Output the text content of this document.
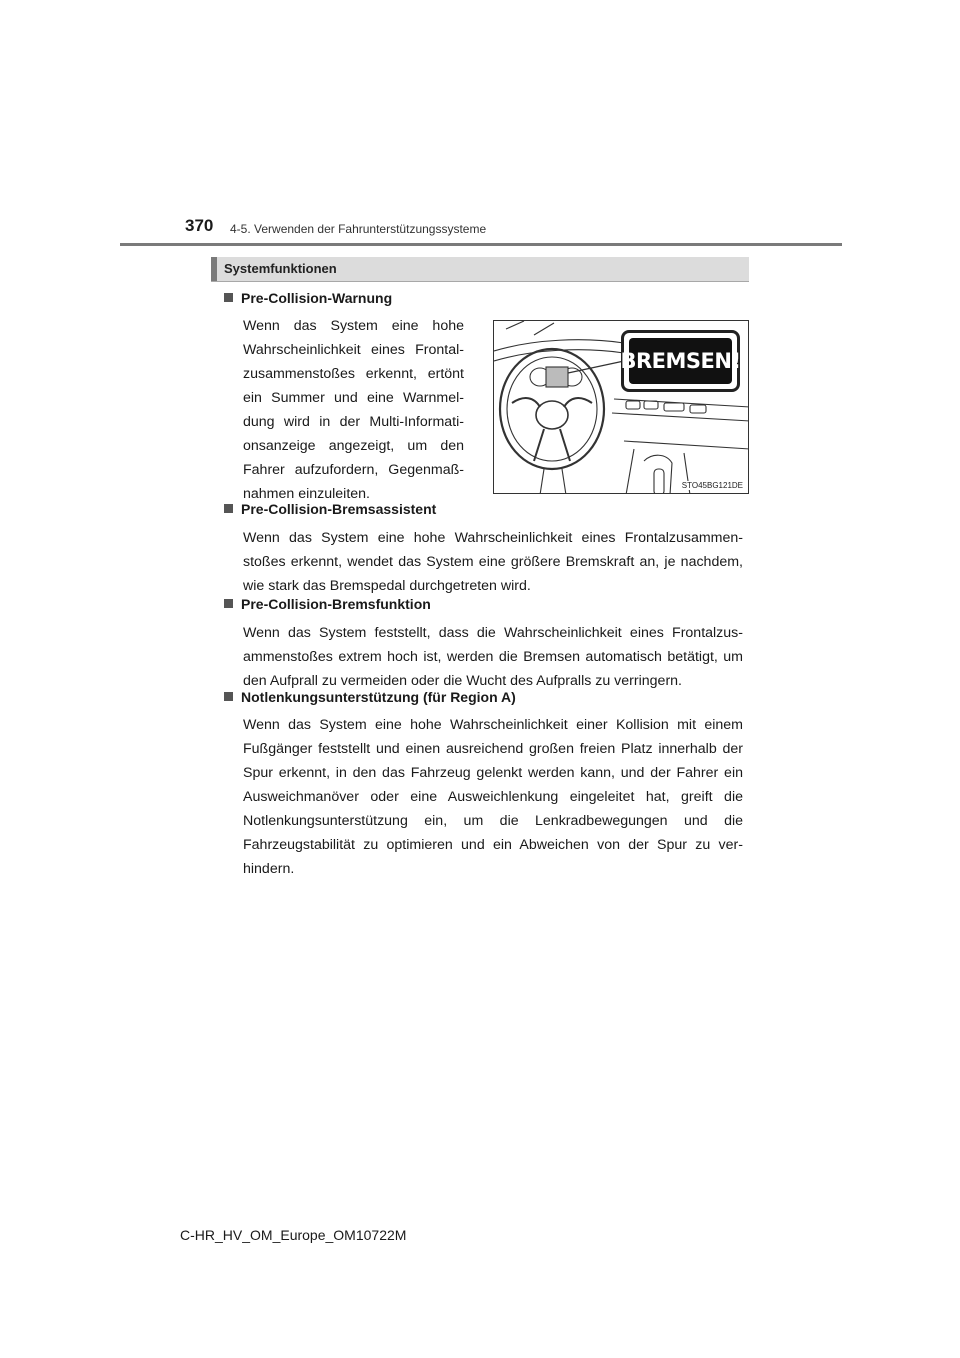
370 4-5. Verwenden der Fahrunterstützungssysteme
Systemfunktionen
Pre-Collision-Warnung
Wenn das System eine hohe Wahrscheinlichkeit eines Frontalzusammenstoßes erkennt, ertönt ein Summer und eine Warnmeldung wird in der Multi-Informationsanzeige angezeigt, um den Fahrer aufzufordern, Gegenmaßnahmen einzuleiten.
BREMSEN!
STO45BG121DE
Pre-Collision-Bremsassistent
Wenn das System eine hohe Wahrscheinlichkeit eines Frontalzusammenstoßes erkennt, wendet das System eine größere Bremskraft an, je nachdem, wie stark das Bremspedal durchgetreten wird.
Pre-Collision-Bremsfunktion
Wenn das System feststellt, dass die Wahrscheinlichkeit eines Frontalzusammenstoßes extrem hoch ist, werden die Bremsen automatisch betätigt, um den Aufprall zu vermeiden oder die Wucht des Aufpralls zu verringern.
Notlenkungsunterstützung (für Region A)
Wenn das System eine hohe Wahrscheinlichkeit einer Kollision mit einem Fußgänger feststellt und einen ausreichend großen freien Platz innerhalb der Spur erkennt, in den das Fahrzeug gelenkt werden kann, und der Fahrer ein Ausweichmanöver oder eine Ausweichlenkung eingeleitet hat, greift die Notlenkungsunterstützung ein, um die Lenkradbewegungen und die Fahrzeugstabilität zu optimieren und ein Abweichen von der Spur zu verhindern.
C-HR_HV_OM_Europe_OM10722M
